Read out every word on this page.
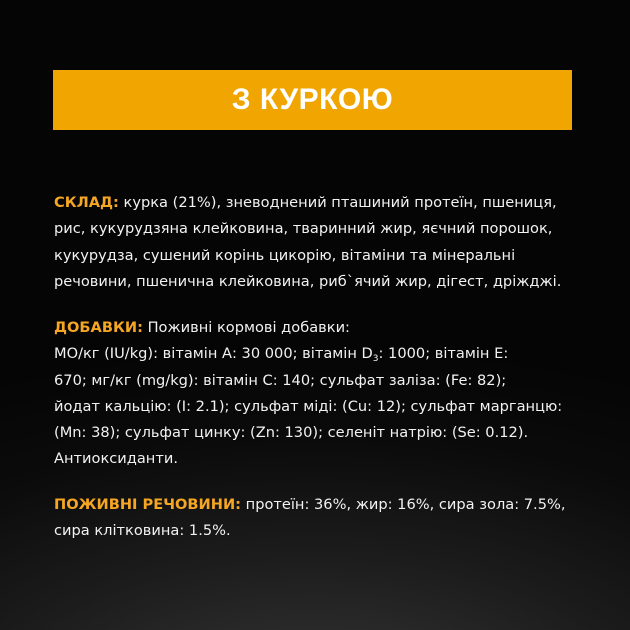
З КУРКОЮ
СКЛАД: курка (21%), зневоднений пташиний протеїн, пшениця,
рис, кукурудзяна клейковина, тваринний жир, яєчний порошок,
кукурудза, сушений корінь цикорію, вітаміни та мінеральні
речовини, пшенична клейковина, риб`ячий жир, дігест, дріжджі.
ДОБАВКИ: Поживні кормові добавки:
МО/кг (IU/kg): вітамін А: 30 000; вітамін $D_3$: 1000; вітамін Е:
670; мг/кг (mg/kg): вітамін С: 140; сульфат заліза: (Fe: 82);
йодат кальцію: (I: 2.1); сульфат міді: (Cu: 12); сульфат марганцю:
(Mn: 38); сульфат цинку: (Zn: 130); селеніт натрію: (Se: 0.12).
Антиоксиданти.
ПОЖИВНІ РЕЧОВИНИ: протеїн: 36%, жир: 16%, сира зола: 7.5%,
сира клітковина: 1.5%.
